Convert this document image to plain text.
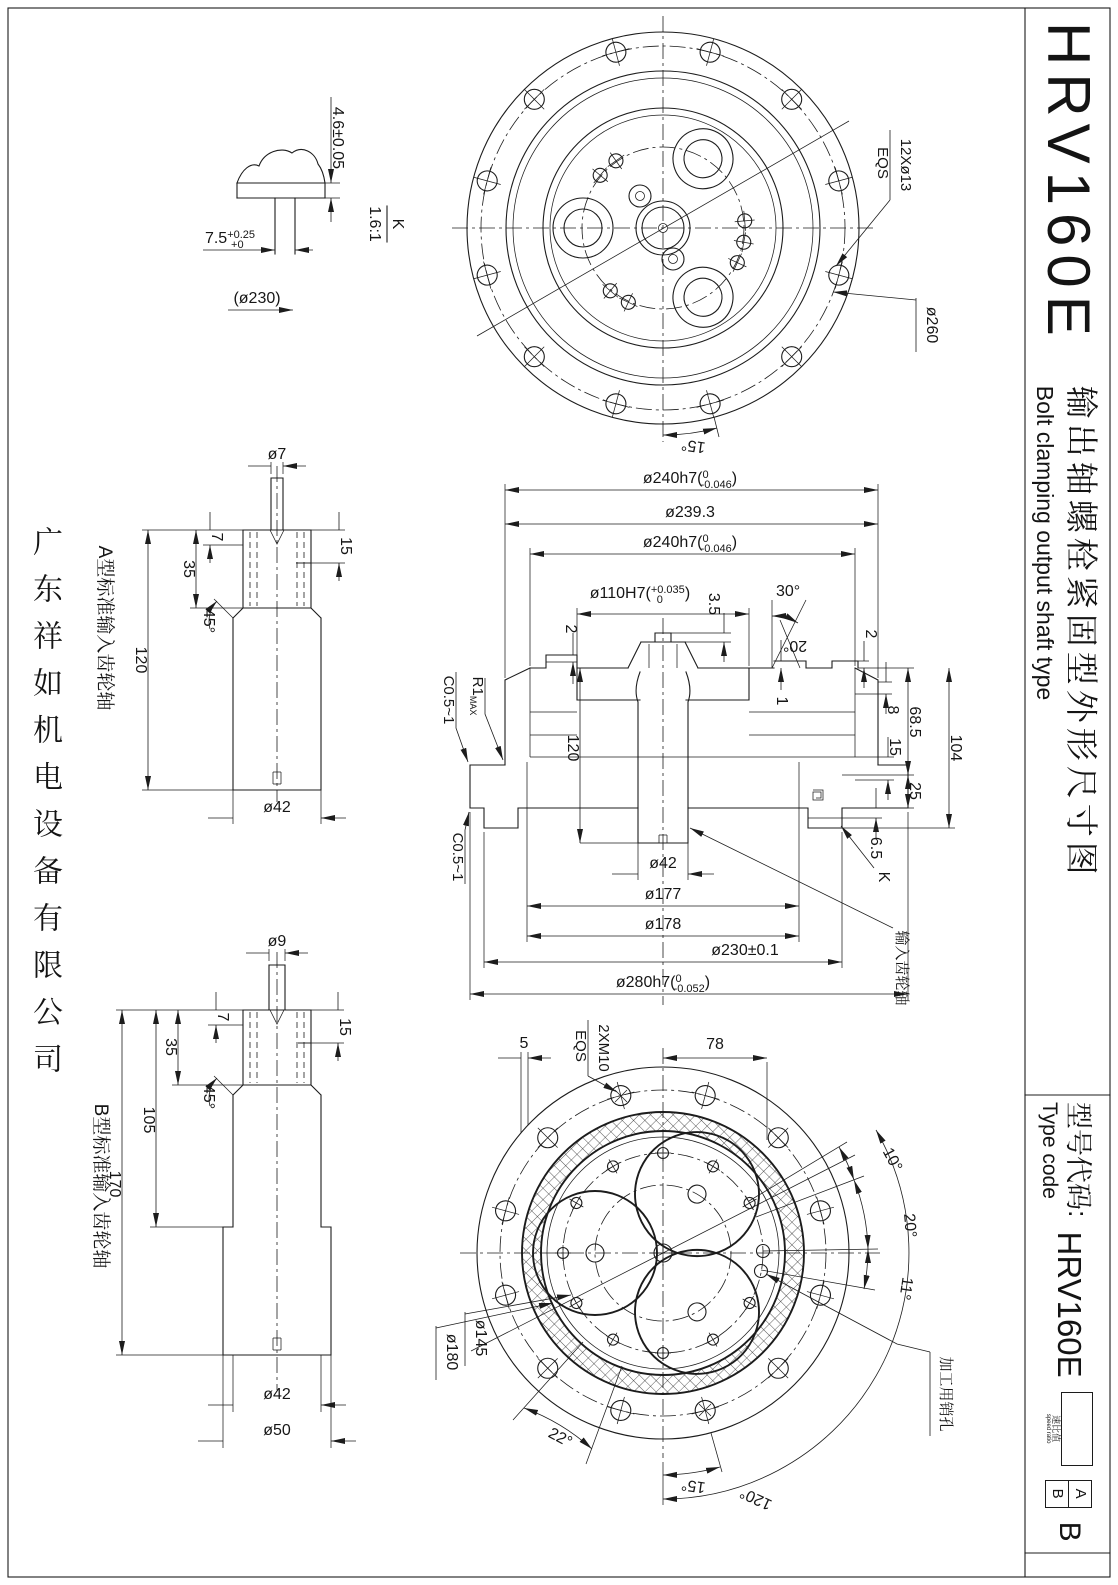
12Xø13
EQS
ø260
15°
4.6±0.05
$7.5^{+0.25} +0$
(ø230)
K
1.6:1
30°
20°
ø240h7($^0$ -0.046)
ø239.3
ø240h7($^0$ -0.046)
ø110H7($^{+0.035}$ 0 )
2
3.5
1
2
8 68.5
25
104
15
6.5
K
C0.5~1 $R1_{MAX}$
C0.5~1
120
ø42
ø177
ø178
ø230±0.1
ø280h7($^0$ -0.052)	输入齿轮轴
ø7
7
35
15
45°
120
ø42
A型标准输入齿轮轴
ø9
7
35
15
45°
105
170
ø42
ø50
B型标准输入齿轮轴
5	2XM10
EQS	78
10°
20°
11°
加工用销孔
ø145
ø180
22°
15° 120°
HRV160E
输出轴螺栓紧固型外形尺寸图
Bolt clamping output shaft type
型号代码:
Type code
HRV160E
速比值
speed ratio
A
B
B
广东祥如机电设备有限公司
